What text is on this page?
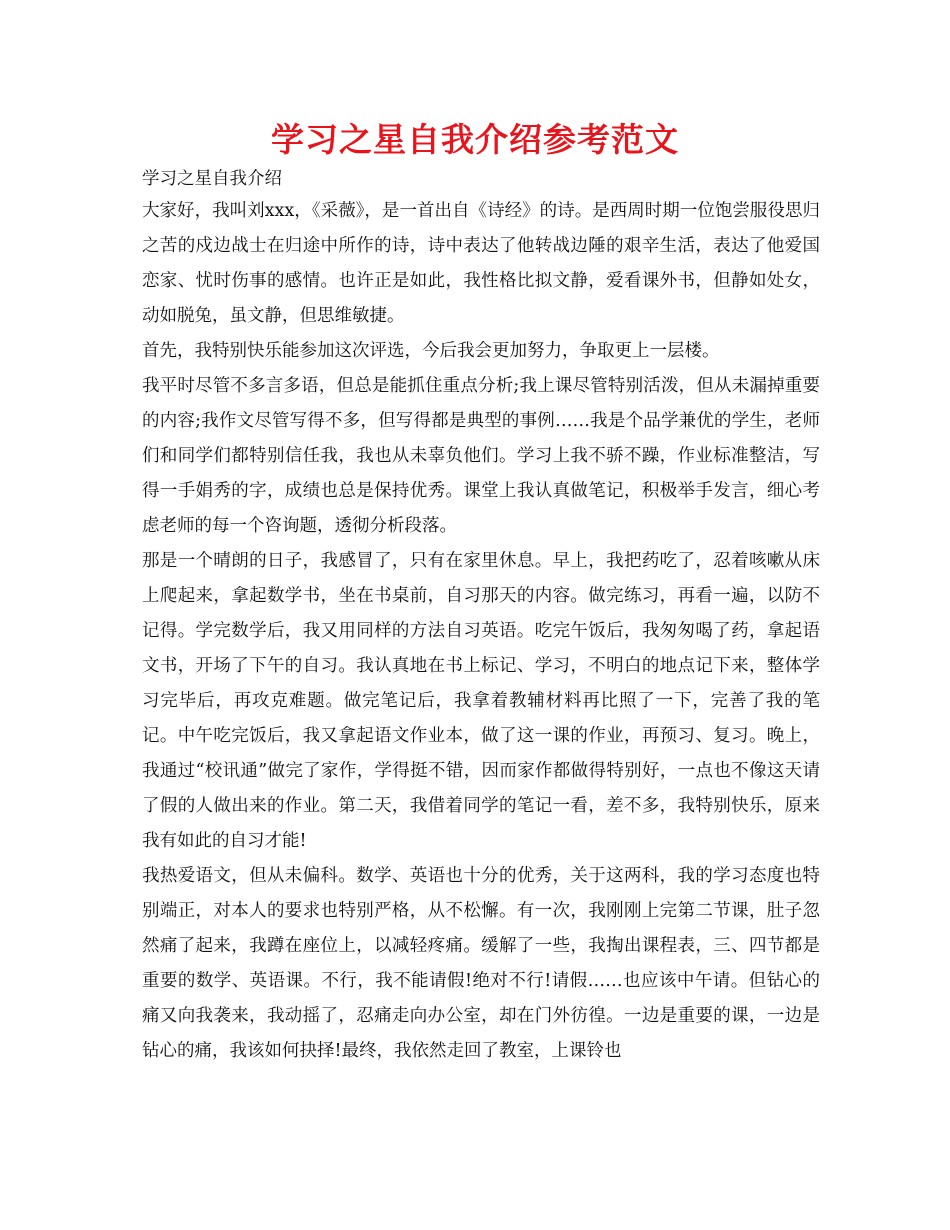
学习之星自我介绍参考范文

学习之星自我介绍

大家好，我叫刘xxx，《采薇》，是一首出自《诗经》的诗。是西周时期一位饱尝服役思归之苦的戍边战士在归途中所作的诗，诗中表达了他转战边陲的艰辛生活，表达了他爱国恋家、忧时伤事的感情。也许正是如此，我性格比拟文静，爱看课外书，但静如处女，动如脱兔，虽文静，但思维敏捷。

首先，我特别快乐能参加这次评选，今后我会更加努力，争取更上一层楼。

我平时尽管不多言多语，但总是能抓住重点分析;我上课尽管特别活泼，但从未漏掉重要的内容;我作文尽管写得不多，但写得都是典型的事例……我是个品学兼优的学生，老师们和同学们都特别信任我，我也从未辜负他们。学习上我不骄不躁，作业标准整洁，写得一手娟秀的字，成绩也总是保持优秀。课堂上我认真做笔记，积极举手发言，细心考虑老师的每一个咨询题，透彻分析段落。

那是一个晴朗的日子，我感冒了，只有在家里休息。早上，我把药吃了，忍着咳嗽从床上爬起来，拿起数学书，坐在书桌前，自习那天的内容。做完练习，再看一遍，以防不记得。学完数学后，我又用同样的方法自习英语。吃完午饭后，我匆匆喝了药，拿起语文书，开场了下午的自习。我认真地在书上标记、学习，不明白的地点记下来，整体学习完毕后，再攻克难题。做完笔记后，我拿着教辅材料再比照了一下，完善了我的笔记。中午吃完饭后，我又拿起语文作业本，做了这一课的作业，再预习、复习。晚上，我通过“校讯通”做完了家作，学得挺不错，因而家作都做得特别好，一点也不像这天请了假的人做出来的作业。第二天，我借着同学的笔记一看，差不多，我特别快乐，原来我有如此的自习才能!

我热爱语文，但从未偏科。数学、英语也十分的优秀，关于这两科，我的学习态度也特别端正，对本人的要求也特别严格，从不松懈。有一次，我刚刚上完第二节课，肚子忽然痛了起来，我蹲在座位上，以减轻疼痛。缓解了一些，我掏出课程表，三、四节都是重要的数学、英语课。不行，我不能请假!绝对不行!请假……也应该中午请。但钻心的痛又向我袭来，我动摇了，忍痛走向办公室，却在门外彷徨。一边是重要的课，一边是钻心的痛，我该如何抉择!最终，我依然走回了教室，上课铃也
